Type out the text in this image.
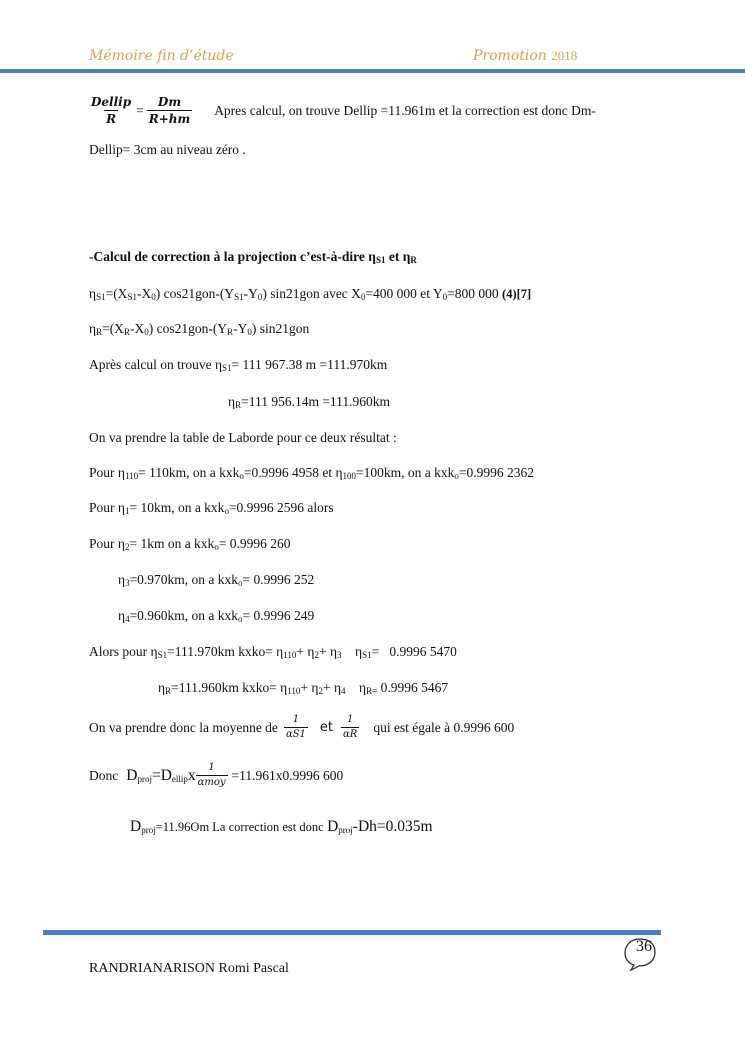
Mémoire fin d’étude	Promotion 2018
$\frac{\text{Dellip}}{R} = \frac{Dm}{R+hm}$ Apres calcul, on trouve Dellip =11.961m et la correction est donc Dm-
Dellip= 3cm au niveau zéro .
-Calcul de correction à la projection c’est-à-dire $\eta_{S1}$ et $\eta_R$
$\eta_{S1}=(X_{S1}-X_0)$ $\cos 21gon-(Y_{S1}-Y_0)$ sin21gon avec $X_0=400$ 000 et $Y_0=800$ 000 (4)[7]
$\eta_R=(X_R-X_0)$ $\cos 21gon-(Y_R-Y_0)$ sin21gon
Après calcul on trouve $\eta_{S1}= 111$ 967.38 m =111.970km
$\eta_R=111$ 956.14m =111.960km
On va prendre la table de Laborde pour ce deux résultat :
Pour $\eta_{110}= 110km$, on a kxk$_o$=0.9996 4958 et $\eta_{100}=100km$, on a kxk$_o$=0.9996 2362
Pour $\eta_1= 10km$, on a kxk$_o$=0.9996 2596 alors
Pour $\eta_2= 1km$ on a kxk$_o$= 0.9996 260
$\eta_3=0.970km$, on a kxk$_o$= 0.9996 252
$\eta_4=0.960km$, on a kxk$_o$= 0.9996 249
Alors pour $\eta_{S1}=111.970km$ kxko= $\eta_{110}+ \eta_2+ \eta_3$    $\eta_{S1}= 0.9996$ 5470
$\eta_R=111.960km$ kxko= $\eta_{110}+ \eta_2+ \eta_4$    $\eta_{R=}$ 0.9996 5467
On va prendre donc la moyenne de $\frac{1}{\alpha S1}$ et $\frac{1}{\alpha R}$ qui est égale à 0.9996 600
Donc $D_{proj}=D_{ellip}x \frac{1}{\text{αmoy}} =11.961x0.9996$ 600
$D_{proj}=11.96Om$ La correction est donc $D_{proj}-Dh=0.035m$
36
RANDRIANARISON Romi Pascal
